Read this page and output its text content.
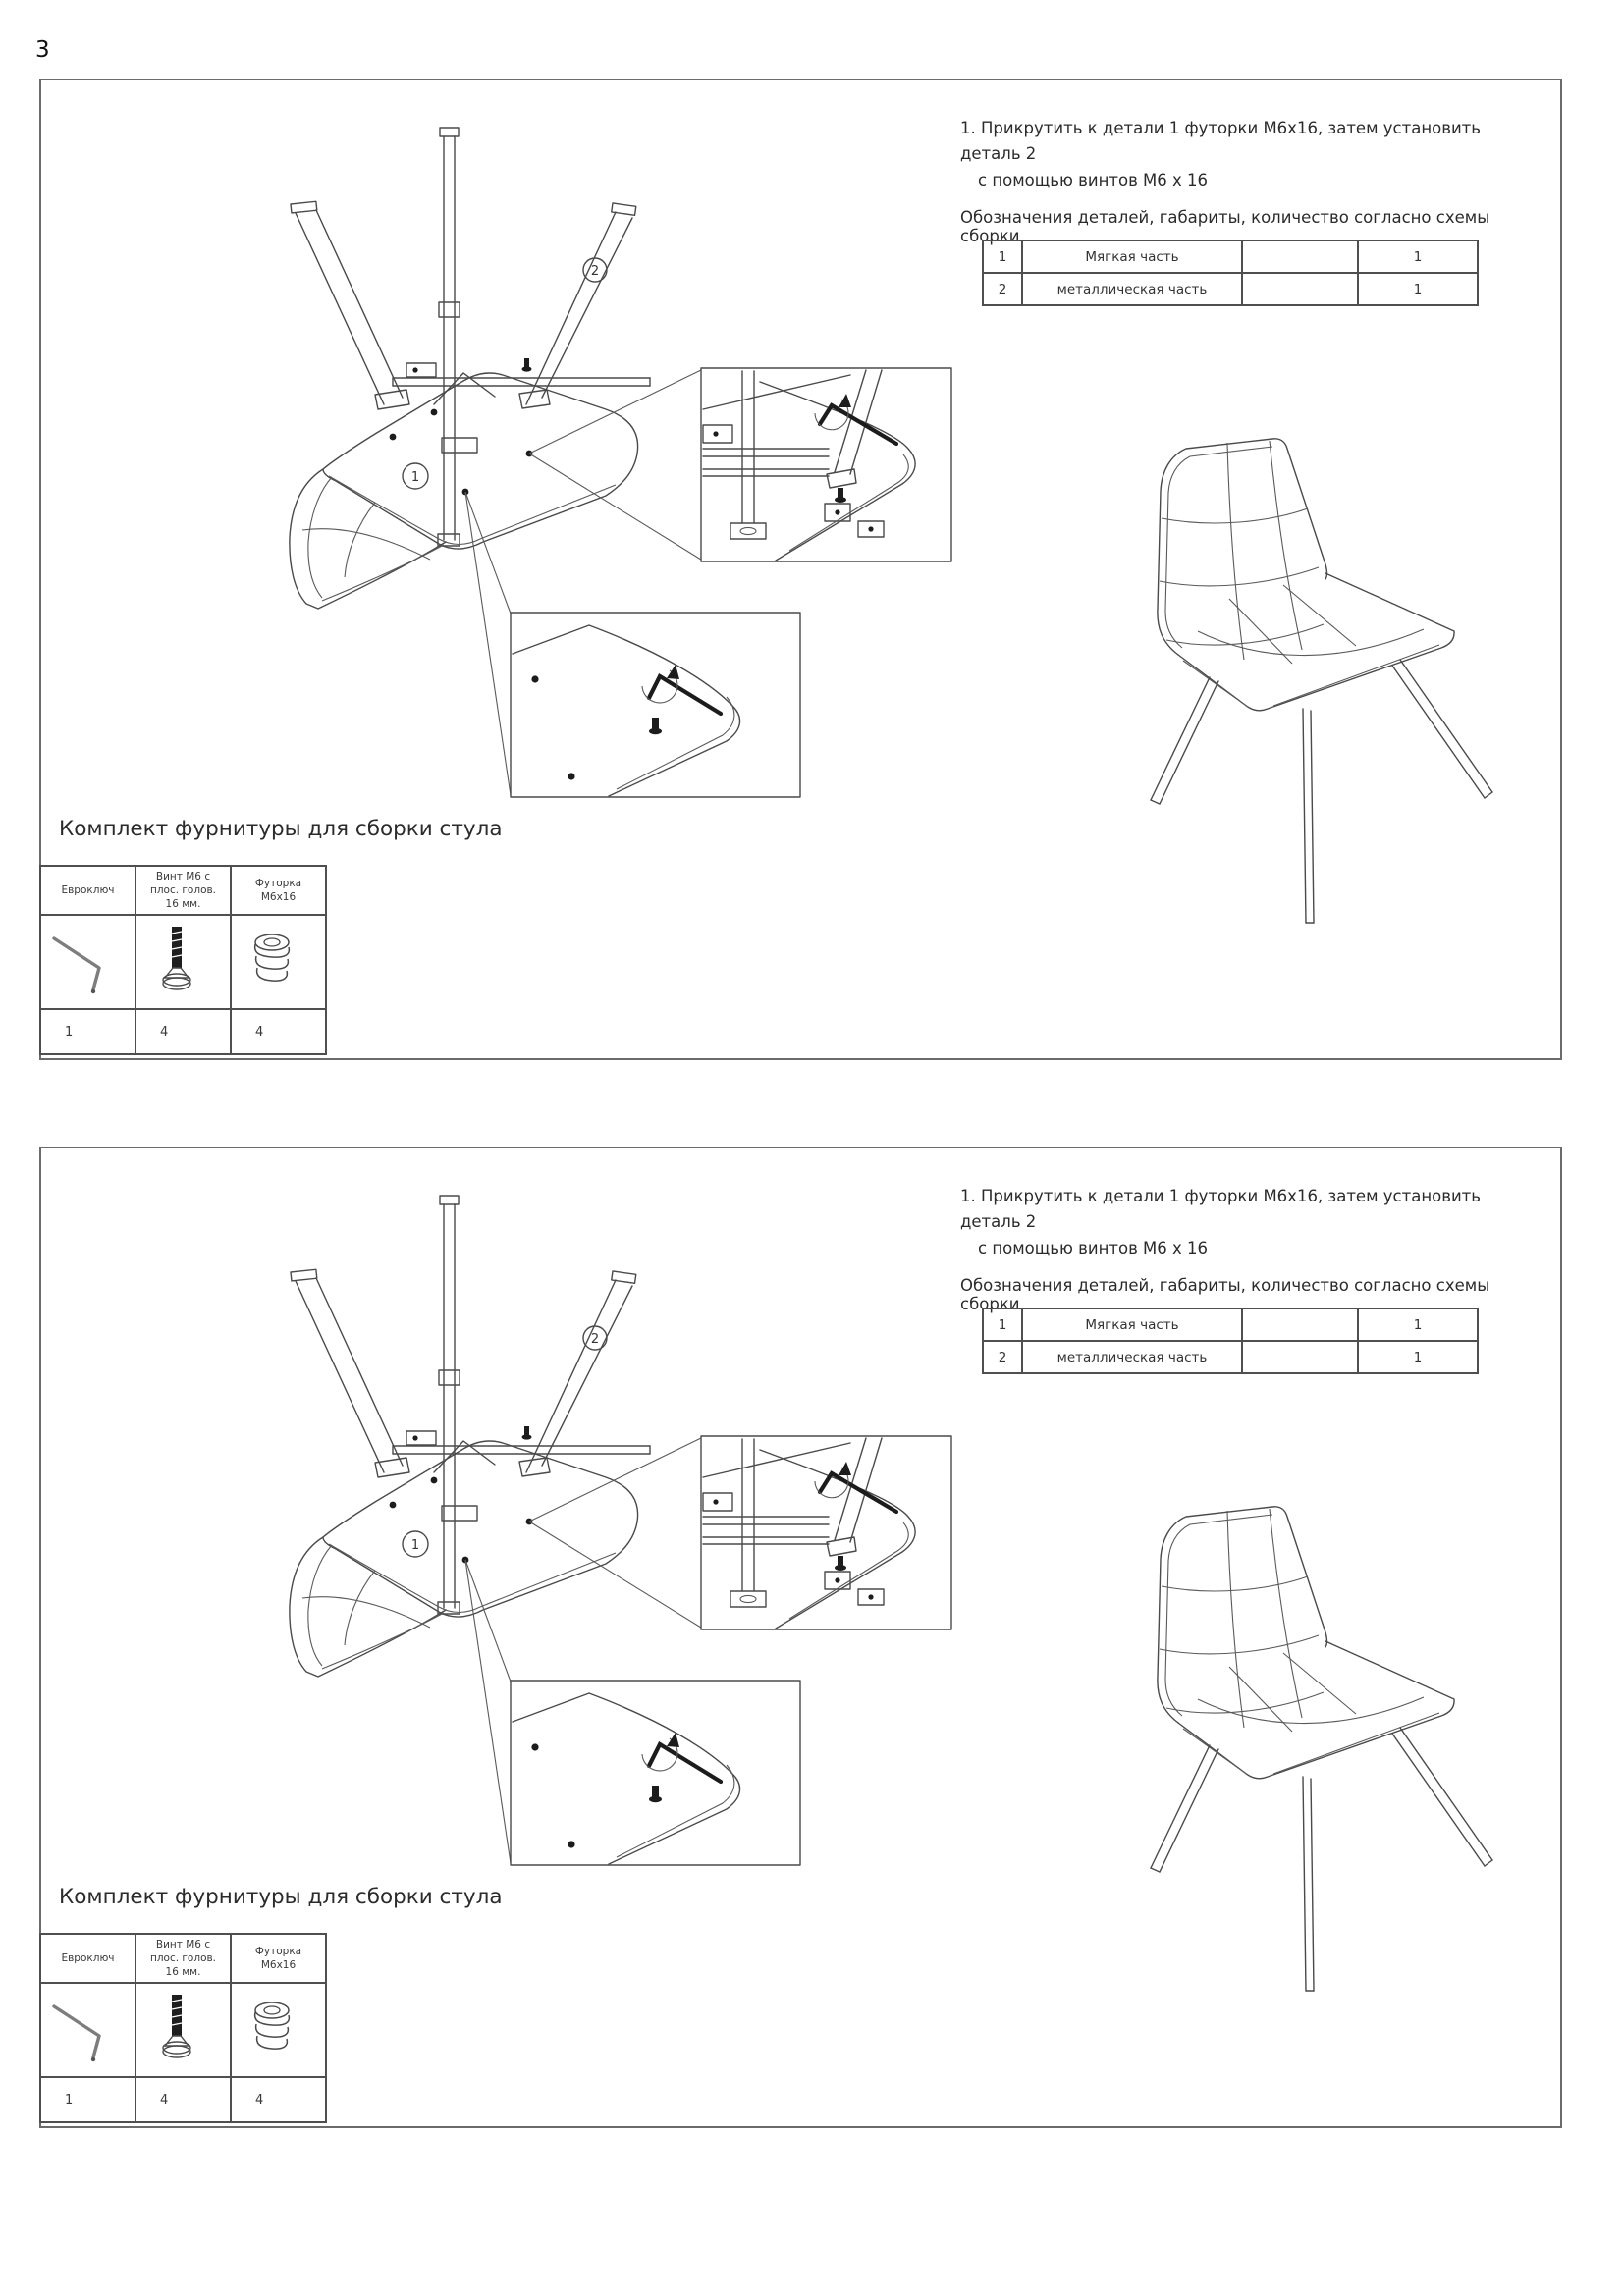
3
1
2
1. Прикрутить к детали 1 футорки М6х16, затем установить деталь 2
с помощью винтов М6 х 16
Обозначения деталей, габариты, количество согласно схемы сборки
1	Мягкая часть		1
2	металлическая часть		1
Комплект фурнитуры для сборки стула
Евроключ	Винт М6 с плос. голов. 16 мм.	Футорка М6х16

1	4	4
1
2
1. Прикрутить к детали 1 футорки М6х16, затем установить деталь 2
с помощью винтов М6 х 16
Обозначения деталей, габариты, количество согласно схемы сборки
1	Мягкая часть		1
2	металлическая часть		1
Комплект фурнитуры для сборки стула
Евроключ	Винт М6 с плос. голов. 16 мм.	Футорка М6х16

1	4	4
